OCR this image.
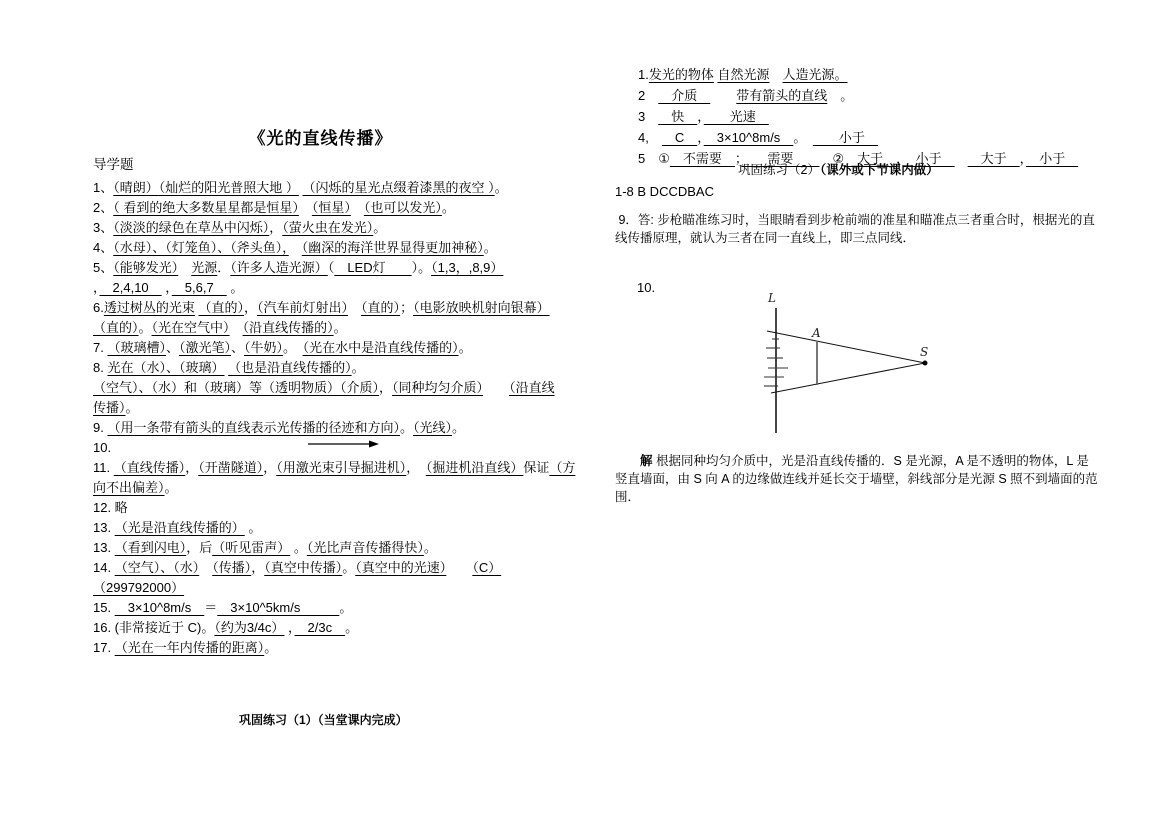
《光的直线传播》
导学题
1、（晴朗）（灿烂的阳光普照大地 ） （闪烁的星光点缀着漆黑的夜空 ）。
2、（ 看到的绝大多数星星都是恒星）　 （恒星）　 （也可以发光）。
3、（淡淡的绿色在草丛中闪烁），（萤火虫在发光）。
4、（水母）、（灯笼鱼）、（斧头鱼），　 （幽深的海洋世界显得更加神秘）。
5、（能够发光）　 光源．（许多人造光源）（　LED灯　　）。（1,3，,8,9）
，　2,4,10　 ，　5,6,7　 。
6.透过树丛的光束 （直的），（汽车前灯射出）　 （直的）；（电影放映机射向银幕）
（直的）。（光在空气中）　 （沿直线传播的）。
7. （玻璃槽）、（激光笔）、（牛奶）。　（光在水中是沿直线传播的）。
8. 光在（水）、（玻璃） （也是沿直线传播的）。
（空气）、（水）和（玻璃）等（透明物质）（介质），（同种均匀介质）　　 （沿直线
传播）。
9. （用一条带有箭头的直线表示光传播的径迹和方向）。（光线）。
10.
11. （直线传播），（开凿隧道），（用激光束引导掘进机），　（掘进机沿直线）保证（方
向不出偏差）。
12. 略
13. （光是沿直线传播的） 。
13. （看到闪电），后（听见雷声） 。（光比声音传播得快）。
14. （空气）、（水）　 （传播），（真空中传播）。（真空中的光速）　　 （C）
（299792000）
15. 　3×10^8m/s　＝　3×10^5km/s　　　。
16. (非常接近于 C)。（约为3/4c） ，　2/3c　。
17. （光在一年内传播的距离）。
巩固练习（1）（当堂课内完成）
1.发光的物体 自然光源　 人造光源。
2　　介质　　　带有箭头的直线　。
3　　快　，　　光速　
4,　　C　，　3×10^8m/s　。　　　小于　
5　①　不需要　；　　需要　　　②　大于　，　小于　　　大于　，　小于　
巩固练习（2）（课外或下节课内做）
1-8 B DCCDBAC
9．答: 步枪瞄准练习时，当眼睛看到步枪前端的准星和瞄准点三者重合时，根据光的直
线传播原理，就认为三者在同一直线上，即三点同线．
10.
L
A
S
　　解 根据同种均匀介质中，光是沿直线传播的．S 是光源，A 是不透明的物体，L 是
竖直墙面，由 S 向 A 的边缘做连线并延长交于墙壁，斜线部分是光源 S 照不到墙面的范
围．
